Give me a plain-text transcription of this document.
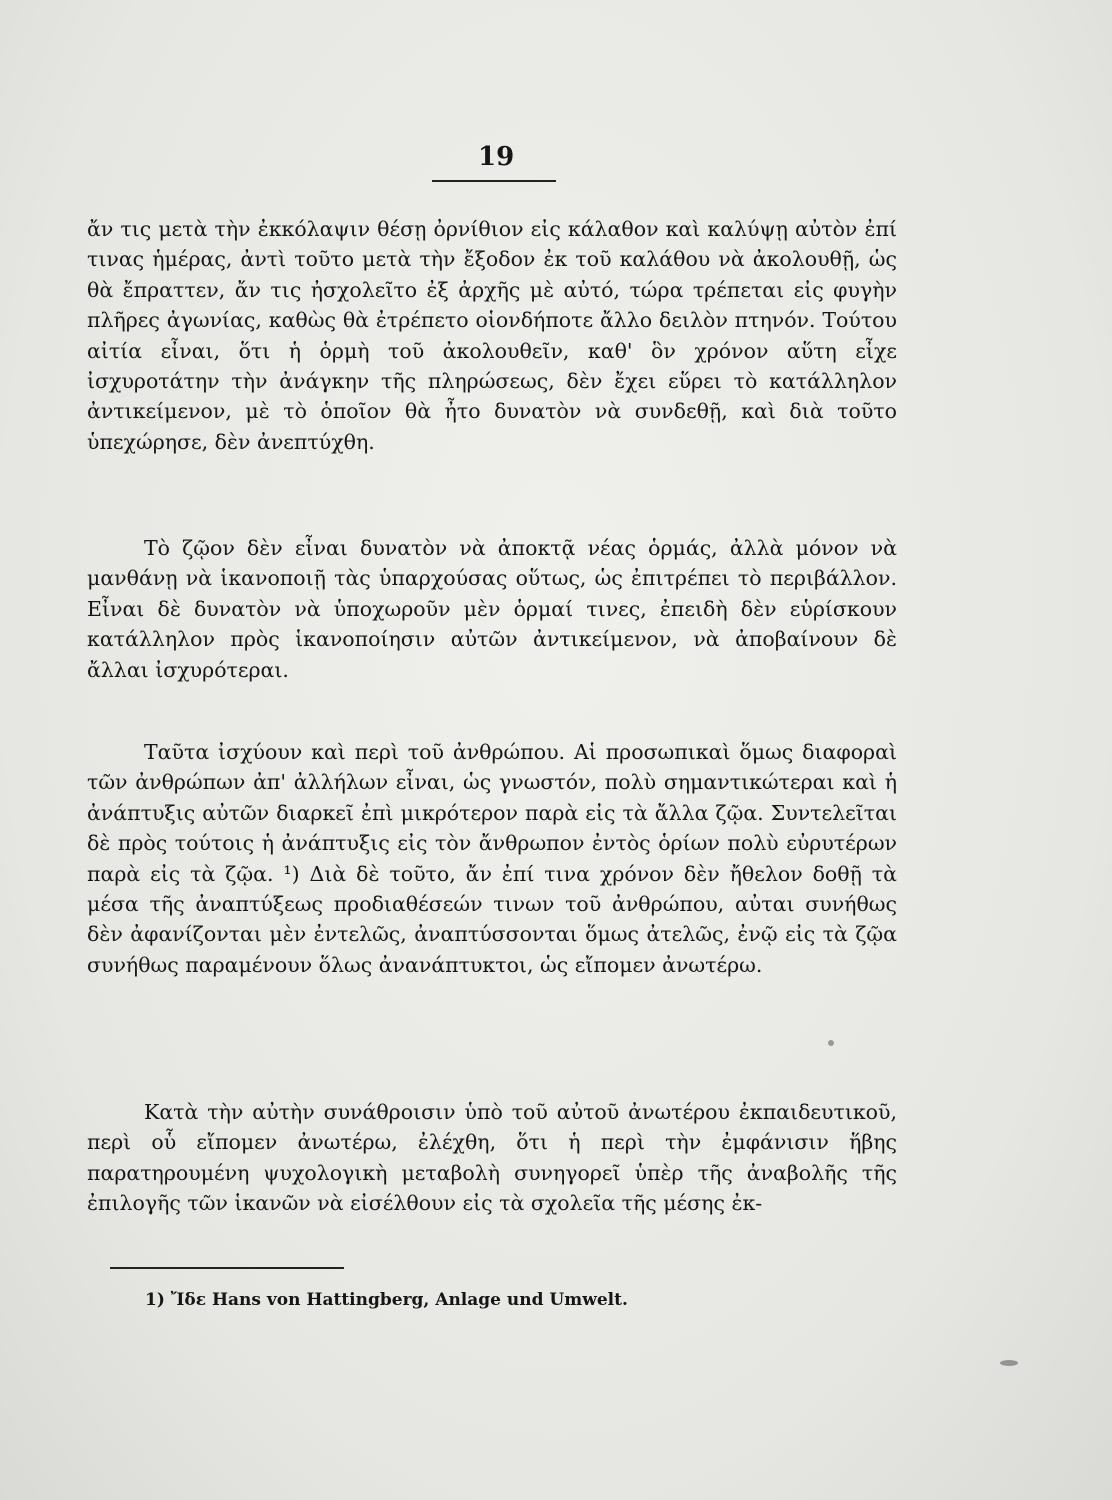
19

ἄν τις μετὰ τὴν ἐκκόλαψιν θέσῃ ὀρνίθιον εἰς κάλαθον καὶ καλύψῃ αὐτὸν ἐπί τινας ἡμέρας, ἀντὶ τοῦτο μετὰ τὴν ἔξοδον ἐκ τοῦ καλάθου νὰ ἀκολουθῇ, ὡς θὰ ἔπραττεν, ἄν τις ἠσχολεῖτο ἐξ ἀρχῆς μὲ αὐτό, τώρα τρέπεται εἰς φυγὴν πλῆρες ἀγωνίας, καθὼς θὰ ἐτρέπετο οἱονδήποτε ἄλλο δειλὸν πτηνόν. Τούτου αἰτία εἶναι, ὅτι ἡ ὁρμὴ τοῦ ἀκολουθεῖν, καθ' ὃν χρόνον αὕτη εἶχε ἰσχυροτάτην τὴν ἀνάγκην τῆς πληρώσεως, δὲν ἔχει εὕρει τὸ κατάλληλον ἀντικείμενον, μὲ τὸ ὁποῖον θὰ ἦτο δυνατὸν νὰ συνδεθῇ, καὶ διὰ τοῦτο ὑπεχώρησε, δὲν ἀνεπτύχθη.

Τὸ ζῷον δὲν εἶναι δυνατὸν νὰ ἀποκτᾷ νέας ὁρμάς, ἀλλὰ μόνον νὰ μανθάνῃ νὰ ἱκανοποιῇ τὰς ὑπαρχούσας οὕτως, ὡς ἐπιτρέπει τὸ περιβάλλον. Εἶναι δὲ δυνατὸν νὰ ὑποχωροῦν μὲν ὁρμαί τινες, ἐπειδὴ δὲν εὑρίσκουν κατάλληλον πρὸς ἱκανοποίησιν αὐτῶν ἀντικείμενον, νὰ ἀποβαίνουν δὲ ἄλλαι ἰσχυρότεραι.

Ταῦτα ἰσχύουν καὶ περὶ τοῦ ἀνθρώπου. Αἱ προσωπικαὶ ὅμως διαφοραὶ τῶν ἀνθρώπων ἀπ' ἀλλήλων εἶναι, ὡς γνωστόν, πολὺ σημαντικώτεραι καὶ ἡ ἀνάπτυξις αὐτῶν διαρκεῖ ἐπὶ μικρότερον παρὰ εἰς τὰ ἄλλα ζῷα. Συντελεῖται δὲ πρὸς τούτοις ἡ ἀνάπτυξις εἰς τὸν ἄνθρωπον ἐντὸς ὁρίων πολὺ εὐρυτέρων παρὰ εἰς τὰ ζῷα. ¹) Διὰ δὲ τοῦτο, ἄν ἐπί τινα χρόνον δὲν ἤθελον δοθῇ τὰ μέσα τῆς ἀναπτύξεως προδιαθέσεών τινων τοῦ ἀνθρώπου, αὐται συνήθως δὲν ἀφανίζονται μὲν ἐντελῶς, ἀναπτύσσονται ὅμως ἀτελῶς, ἐνῷ εἰς τὰ ζῷα συνήθως παραμένουν ὅλως ἀνανάπτυκτοι, ὡς εἴπομεν ἀνωτέρω.

Κατὰ τὴν αὐτὴν συνάθροισιν ὑπὸ τοῦ αὐτοῦ ἀνωτέρου ἐκπαιδευτικοῦ, περὶ οὗ εἴπομεν ἀνωτέρω, ἐλέχθη, ὅτι ἡ περὶ τὴν ἐμφάνισιν ἥβης παρατηρουμένη ψυχολογικὴ μεταβολὴ συνηγορεῖ ὑπὲρ τῆς ἀναβολῆς τῆς ἐπιλογῆς τῶν ἱκανῶν νὰ εἰσέλθουν εἰς τὰ σχολεῖα τῆς μέσης ἐκ-

1) Ἴδε Hans von Hattingberg, Anlage und Umwelt.
